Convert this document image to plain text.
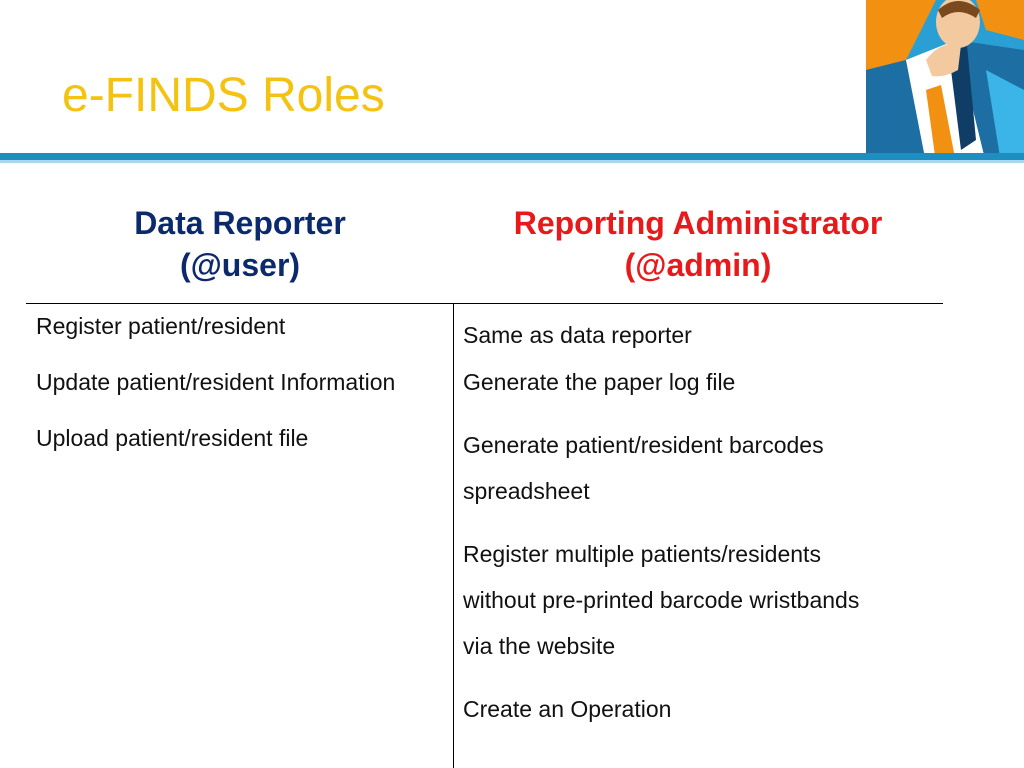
e-FINDS Roles
Data Reporter
(@user)
Reporting Administrator
(@admin)
Register patient/resident
Update patient/resident Information
Upload patient/resident file
Same as data reporter
Generate the paper log file
Generate patient/resident barcodes
spreadsheet
Register multiple patients/residents
without pre-printed barcode wristbands
via the website
Create an Operation
